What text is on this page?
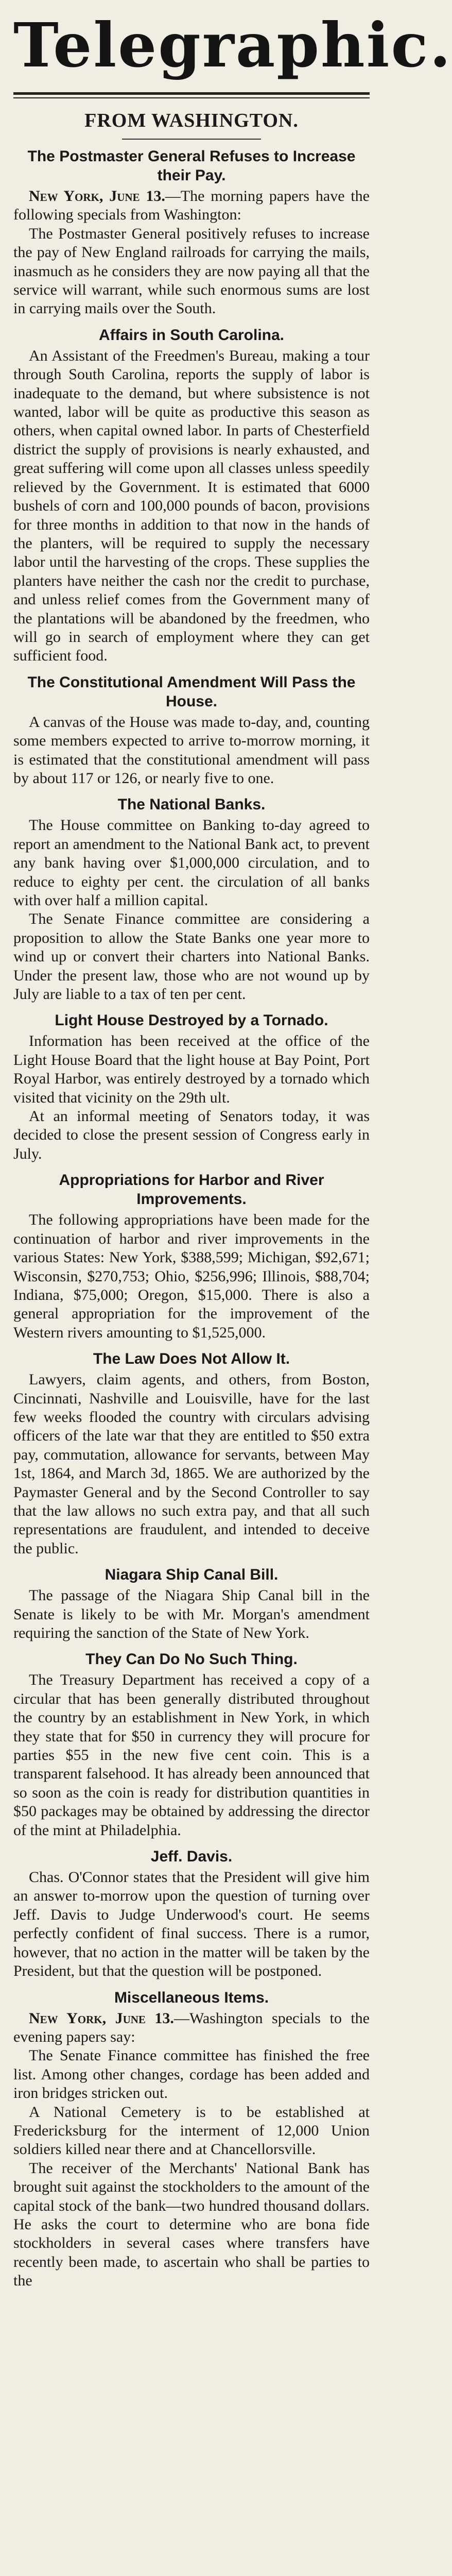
Telegraphic.
FROM WASHINGTON.
The Postmaster General Refuses to Increase their Pay.

New York, June 13.—The morning papers have the following specials from Washington:

The Postmaster General positively refuses to increase the pay of New England railroads for carrying the mails, inasmuch as he considers they are now paying all that the service will warrant, while such enormous sums are lost in carrying mails over the South.

Affairs in South Carolina.

An Assistant of the Freedmen's Bureau, making a tour through South Carolina, reports the supply of labor is inadequate to the demand, but where subsistence is not wanted, labor will be quite as productive this season as others, when capital owned labor. In parts of Chesterfield district the supply of provisions is nearly exhausted, and great suffering will come upon all classes unless speedily relieved by the Government. It is estimated that 6000 bushels of corn and 100,000 pounds of bacon, provisions for three months in addition to that now in the hands of the planters, will be required to supply the necessary labor until the harvesting of the crops. These supplies the planters have neither the cash nor the credit to purchase, and unless relief comes from the Government many of the plantations will be abandoned by the freedmen, who will go in search of employment where they can get sufficient food.

The Constitutional Amendment Will Pass the House.

A canvas of the House was made to-day, and, counting some members expected to arrive to-morrow morning, it is estimated that the constitutional amendment will pass by about 117 or 126, or nearly five to one.

The National Banks.

The House committee on Banking to-day agreed to report an amendment to the National Bank act, to prevent any bank having over $1,000,000 circulation, and to reduce to eighty per cent. the circulation of all banks with over half a million capital.

The Senate Finance committee are considering a proposition to allow the State Banks one year more to wind up or convert their charters into National Banks. Under the present law, those who are not wound up by July are liable to a tax of ten per cent.

Light House Destroyed by a Tornado.

Information has been received at the office of the Light House Board that the light house at Bay Point, Port Royal Harbor, was entirely destroyed by a tornado which visited that vicinity on the 29th ult.

At an informal meeting of Senators today, it was decided to close the present session of Congress early in July.

Appropriations for Harbor and River Improvements.

The following appropriations have been made for the continuation of harbor and river improvements in the various States: New York, $388,599; Michigan, $92,671; Wisconsin, $270,753; Ohio, $256,996; Illinois, $88,704; Indiana, $75,000; Oregon, $15,000. There is also a general appropriation for the improvement of the Western rivers amounting to $1,525,000.

The Law Does Not Allow It.

Lawyers, claim agents, and others, from Boston, Cincinnati, Nashville and Louisville, have for the last few weeks flooded the country with circulars advising officers of the late war that they are entitled to $50 extra pay, commutation, allowance for servants, between May 1st, 1864, and March 3d, 1865. We are authorized by the Paymaster General and by the Second Controller to say that the law allows no such extra pay, and that all such representations are fraudulent, and intended to deceive the public.

Niagara Ship Canal Bill.

The passage of the Niagara Ship Canal bill in the Senate is likely to be with Mr. Morgan's amendment requiring the sanction of the State of New York.

They Can Do No Such Thing.

The Treasury Department has received a copy of a circular that has been generally distributed throughout the country by an establishment in New York, in which they state that for $50 in currency they will procure for parties $55 in the new five cent coin. This is a transparent falsehood. It has already been announced that so soon as the coin is ready for distribution quantities in $50 packages may be obtained by addressing the director of the mint at Philadelphia.

Jeff. Davis.

Chas. O'Connor states that the President will give him an answer to-morrow upon the question of turning over Jeff. Davis to Judge Underwood's court. He seems perfectly confident of final success. There is a rumor, however, that no action in the matter will be taken by the President, but that the question will be postponed.

Miscellaneous Items.

New York, June 13.—Washington specials to the evening papers say:

The Senate Finance committee has finished the free list. Among other changes, cordage has been added and iron bridges stricken out.

A National Cemetery is to be established at Fredericksburg for the interment of 12,000 Union soldiers killed near there and at Chancellorsville.

The receiver of the Merchants' National Bank has brought suit against the stockholders to the amount of the capital stock of the bank—two hundred thousand dollars. He asks the court to determine who are bona fide stockholders in several cases where transfers have recently been made, to ascertain who shall be parties to the
